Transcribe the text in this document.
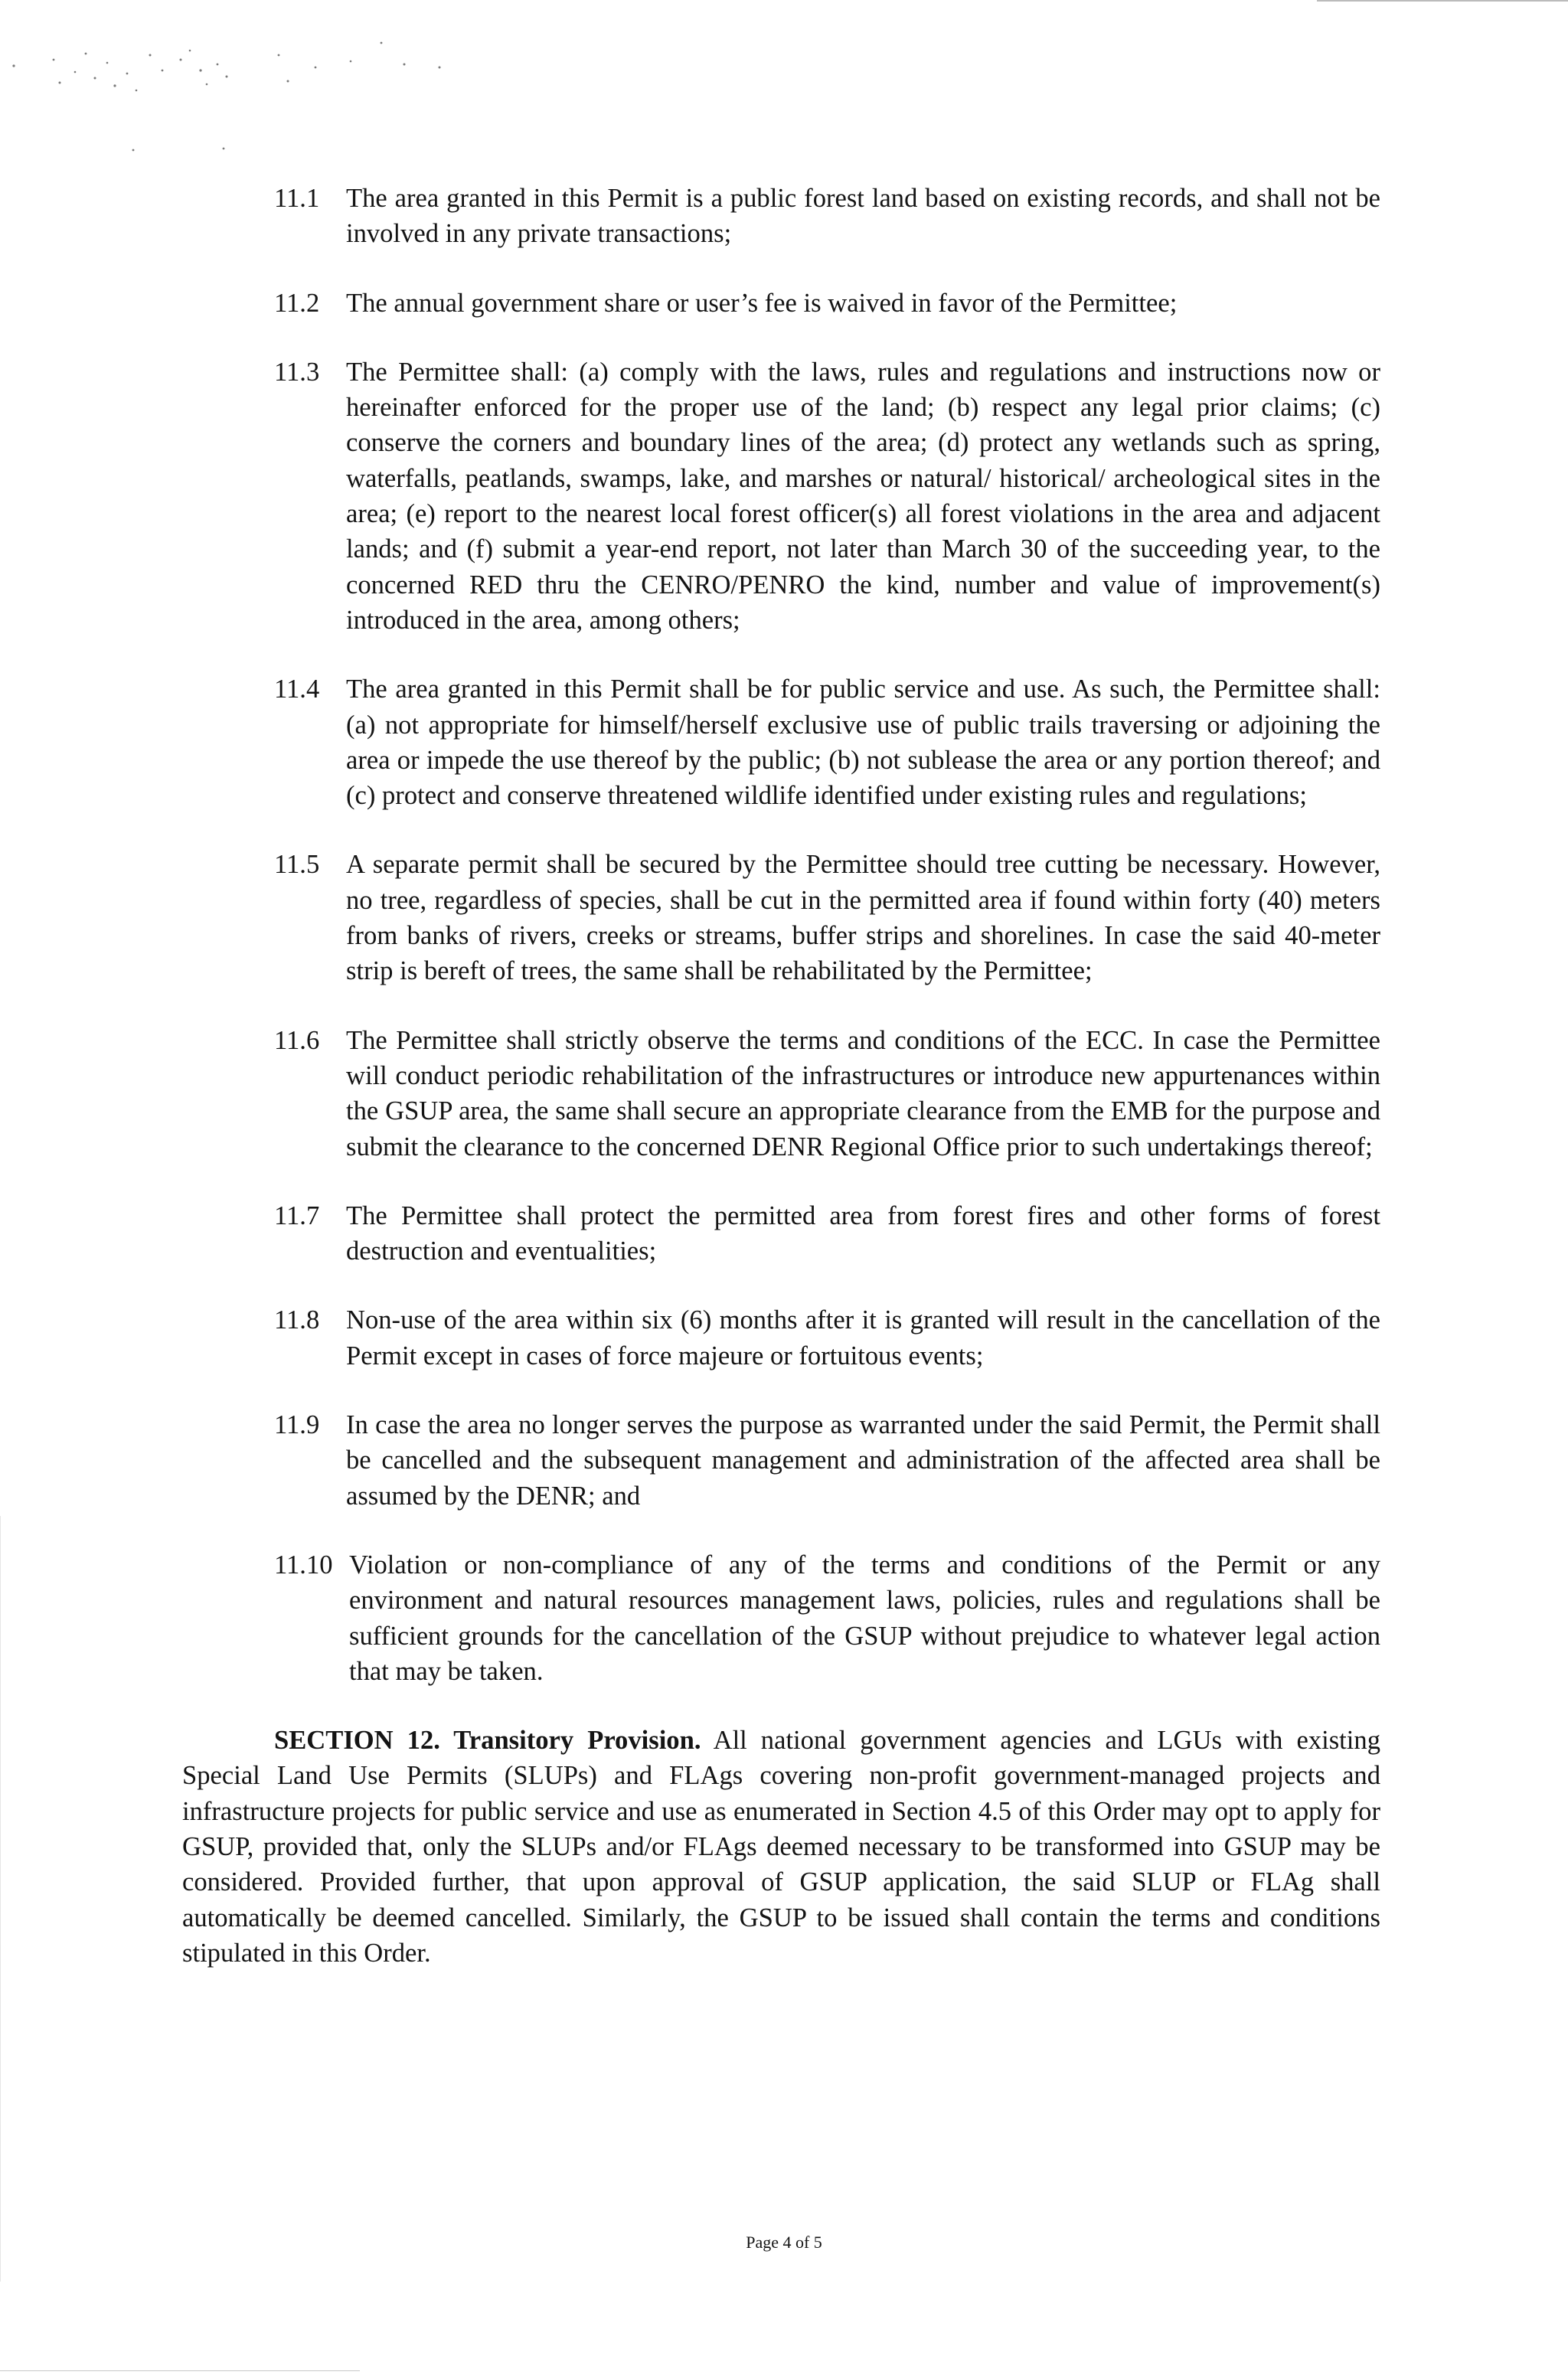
11.1	The area granted in this Permit is a public forest land based on existing records, and shall not be involved in any private transactions;
11.2	The annual government share or user’s fee is waived in favor of the Permittee;
11.3	The Permittee shall: (a) comply with the laws, rules and regulations and instructions now or hereinafter enforced for the proper use of the land; (b) respect any legal prior claims; (c) conserve the corners and boundary lines of the area; (d) protect any wetlands such as spring, waterfalls, peatlands, swamps, lake, and marshes or natural/ historical/ archeological sites in the area; (e) report to the nearest local forest officer(s) all forest violations in the area and adjacent lands; and (f) submit a year-end report, not later than March 30 of the succeeding year, to the concerned RED thru the CENRO/PENRO the kind, number and value of improvement(s) introduced in the area, among others;
11.4	The area granted in this Permit shall be for public service and use. As such, the Permittee shall: (a) not appropriate for himself/herself exclusive use of public trails traversing or adjoining the area or impede the use thereof by the public; (b) not sublease the area or any portion thereof; and (c) protect and conserve threatened wildlife identified under existing rules and regulations;
11.5	A separate permit shall be secured by the Permittee should tree cutting be necessary. However, no tree, regardless of species, shall be cut in the permitted area if found within forty (40) meters from banks of rivers, creeks or streams, buffer strips and shorelines. In case the said 40-meter strip is bereft of trees, the same shall be rehabilitated by the Permittee;
11.6	The Permittee shall strictly observe the terms and conditions of the ECC. In case the Permittee will conduct periodic rehabilitation of the infrastructures or introduce new appurtenances within the GSUP area, the same shall secure an appropriate clearance from the EMB for the purpose and submit the clearance to the concerned DENR Regional Office prior to such undertakings thereof;
11.7	The Permittee shall protect the permitted area from forest fires and other forms of forest destruction and eventualities;
11.8	Non-use of the area within six (6) months after it is granted will result in the cancellation of the Permit except in cases of force majeure or fortuitous events;
11.9	In case the area no longer serves the purpose as warranted under the said Permit, the Permit shall be cancelled and the subsequent management and administration of the affected area shall be assumed by the DENR; and
11.10 Violation or non-compliance of any of the terms and conditions of the Permit or any environment and natural resources management laws, policies, rules and regulations shall be sufficient grounds for the cancellation of the GSUP without prejudice to whatever legal action that may be taken.

SECTION 12. Transitory Provision. All national government agencies and LGUs with existing Special Land Use Permits (SLUPs) and FLAgs covering non-profit government-managed projects and infrastructure projects for public service and use as enumerated in Section 4.5 of this Order may opt to apply for GSUP, provided that, only the SLUPs and/or FLAgs deemed necessary to be transformed into GSUP may be considered. Provided further, that upon approval of GSUP application, the said SLUP or FLAg shall automatically be deemed cancelled. Similarly, the GSUP to be issued shall contain the terms and conditions stipulated in this Order.

Page 4 of 5
